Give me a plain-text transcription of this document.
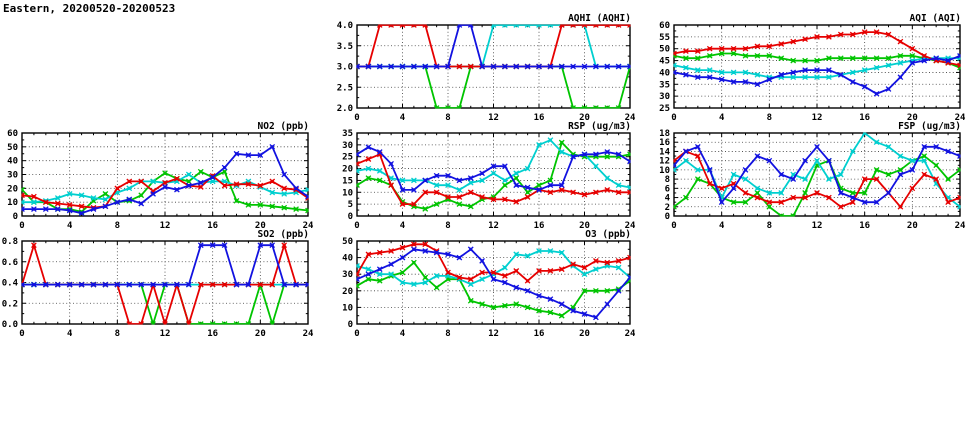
Eastern, 20200520-20200523
2.0
2.5
3.0
3.5
4.0
0	4	8	12	16	20	24
AQHI (AQHI)
25
30
35
40
45
50
55
60
0	4	8	12	16	20	24
AQI (AQI)
0
10
20
30
40
50
60
0	4	8	12	16	20	24
NO2 (ppb)
0
5
10
15
20
25
30
35
0	4	8	12	16	20	24
RSP (ug/m3)
0
2
4
6
8
10
12
14
16
18
0	4	8	12	16	20	24
FSP (ug/m3)
0.0
0.2
0.4
0.6
0.8
0	4	8	12	16	20	24
SO2 (ppb)
0
10
20
30
40
50
0	4	8	12	16	20	24
O3 (ppb)
